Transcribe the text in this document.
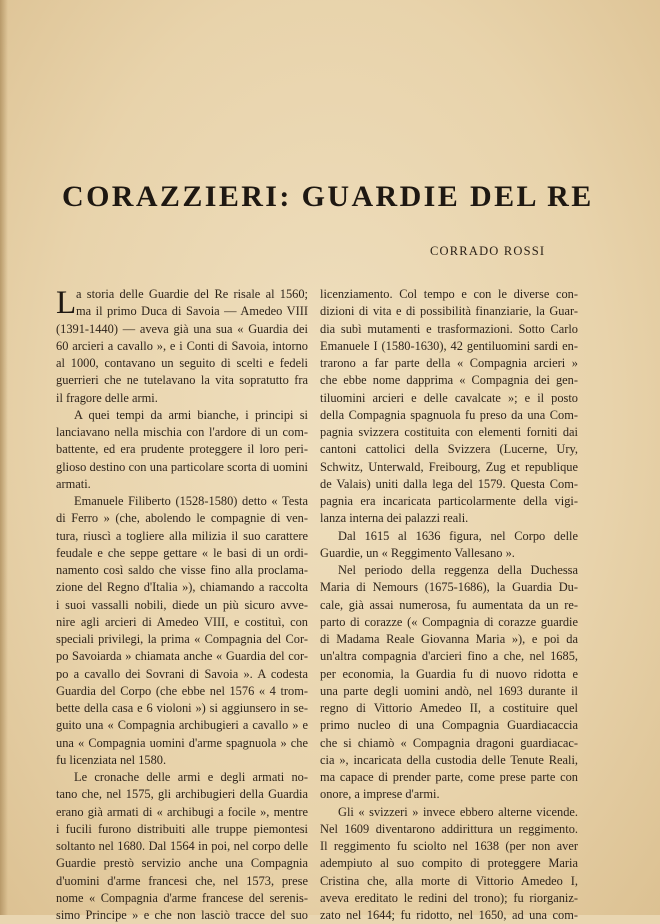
CORAZZIERI: GUARDIE DEL RE
CORRADO ROSSI
L a storia delle Guardie del Re risale al 1560;
ma il primo Duca di Savoia — Amedeo VIII
(1391-1440) — aveva già una sua « Guardia dei
60 arcieri a cavallo », e i Conti di Savoia, intorno
al 1000, contavano un seguito di scelti e fedeli
guerrieri che ne tutelavano la vita sopratutto fra
il fragore delle armi.
A quei tempi da armi bianche, i principi si
lanciavano nella mischia con l'ardore di un com-
battente, ed era prudente proteggere il loro peri-
glioso destino con una particolare scorta di uomini
armati.
Emanuele Filiberto (1528-1580) detto « Testa
di Ferro » (che, abolendo le compagnie di ven-
tura, riuscì a togliere alla milizia il suo carattere
feudale e che seppe gettare « le basi di un ordi-
namento così saldo che visse fino alla proclama-
zione del Regno d'Italia »), chiamando a raccolta
i suoi vassalli nobili, diede un più sicuro avve-
nire agli arcieri di Amedeo VIII, e costituì, con
speciali privilegi, la prima « Compagnia del Cor-
po Savoiarda » chiamata anche « Guardia del cor-
po a cavallo dei Sovrani di Savoia ». A codesta
Guardia del Corpo (che ebbe nel 1576 « 4 trom-
bette della casa e 6 violoni ») si aggiunsero in se-
guito una « Compagnia archibugieri a cavallo » e
una « Compagnia uomini d'arme spagnuola » che
fu licenziata nel 1580.
Le cronache delle armi e degli armati no-
tano che, nel 1575, gli archibugieri della Guardia
erano già armati di « archibugi a focile », mentre
i fucili furono distribuiti alle truppe piemontesi
soltanto nel 1680. Dal 1564 in poi, nel corpo delle
Guardie prestò servizio anche una Compagnia
d'uomini d'arme francesi che, nel 1573, prese
nome « Compagnia d'arme francese del serenis-
simo Principe » e che non lasciò tracce del suo
licenziamento. Col tempo e con le diverse con-
dizioni di vita e di possibilità finanziarie, la Guar-
dia subì mutamenti e trasformazioni. Sotto Carlo
Emanuele I (1580-1630), 42 gentiluomini sardi en-
trarono a far parte della « Compagnia arcieri »
che ebbe nome dapprima « Compagnia dei gen-
tiluomini arcieri e delle cavalcate »; e il posto
della Compagnia spagnuola fu preso da una Com-
pagnia svizzera costituita con elementi forniti dai
cantoni cattolici della Svizzera (Lucerne, Ury,
Schwitz, Unterwald, Freibourg, Zug et republique
de Valais) uniti dalla lega del 1579. Questa Com-
pagnia era incaricata particolarmente della vigi-
lanza interna dei palazzi reali.
Dal 1615 al 1636 figura, nel Corpo delle
Guardie, un « Reggimento Vallesano ».
Nel periodo della reggenza della Duchessa
Maria di Nemours (1675-1686), la Guardia Du-
cale, già assai numerosa, fu aumentata da un re-
parto di corazze (« Compagnia di corazze guardie
di Madama Reale Giovanna Maria »), e poi da
un'altra compagnia d'arcieri fino a che, nel 1685,
per economia, la Guardia fu di nuovo ridotta e
una parte degli uomini andò, nel 1693 durante il
regno di Vittorio Amedeo II, a costituire quel
primo nucleo di una Compagnia Guardiacaccia
che si chiamò « Compagnia dragoni guardiacac-
cia », incaricata della custodia delle Tenute Reali,
ma capace di prender parte, come prese parte con
onore, a imprese d'armi.
Gli « svizzeri » invece ebbero alterne vicende.
Nel 1609 diventarono addirittura un reggimento.
Il reggimento fu sciolto nel 1638 (per non aver
adempiuto al suo compito di proteggere Maria
Cristina che, alla morte di Vittorio Amedeo I,
aveva ereditato le redini del trono); fu riorganiz-
zato nel 1644; fu ridotto, nel 1650, ad una com-
